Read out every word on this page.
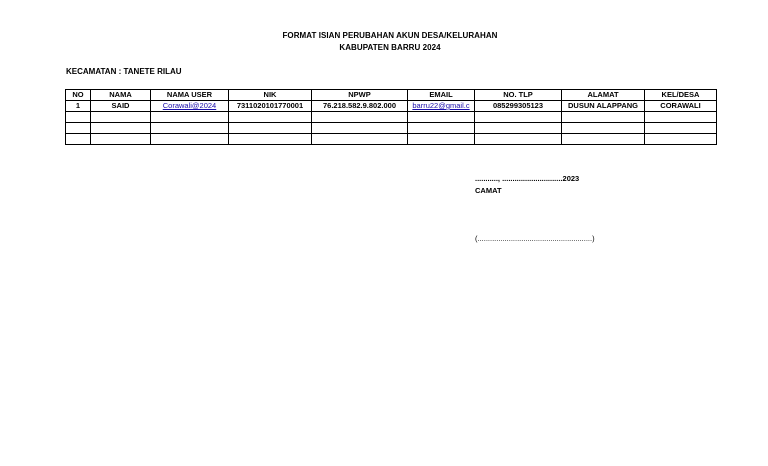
FORMAT ISIAN PERUBAHAN AKUN DESA/KELURAHAN
KABUPATEN BARRU 2024
KECAMATAN : TANETE RILAU
NO	NAMA	NAMA USER	NIK	NPWP	EMAIL	NO. TLP	ALAMAT	KEL/DESA
1	SAID	Corawali@2024	7311020101770001	76.218.582.9.802.000	barru22@gmail.c	085299305123	DUSUN ALAPPANG	CORAWALI

..........., .............................2023
CAMAT
(.......................................................)
